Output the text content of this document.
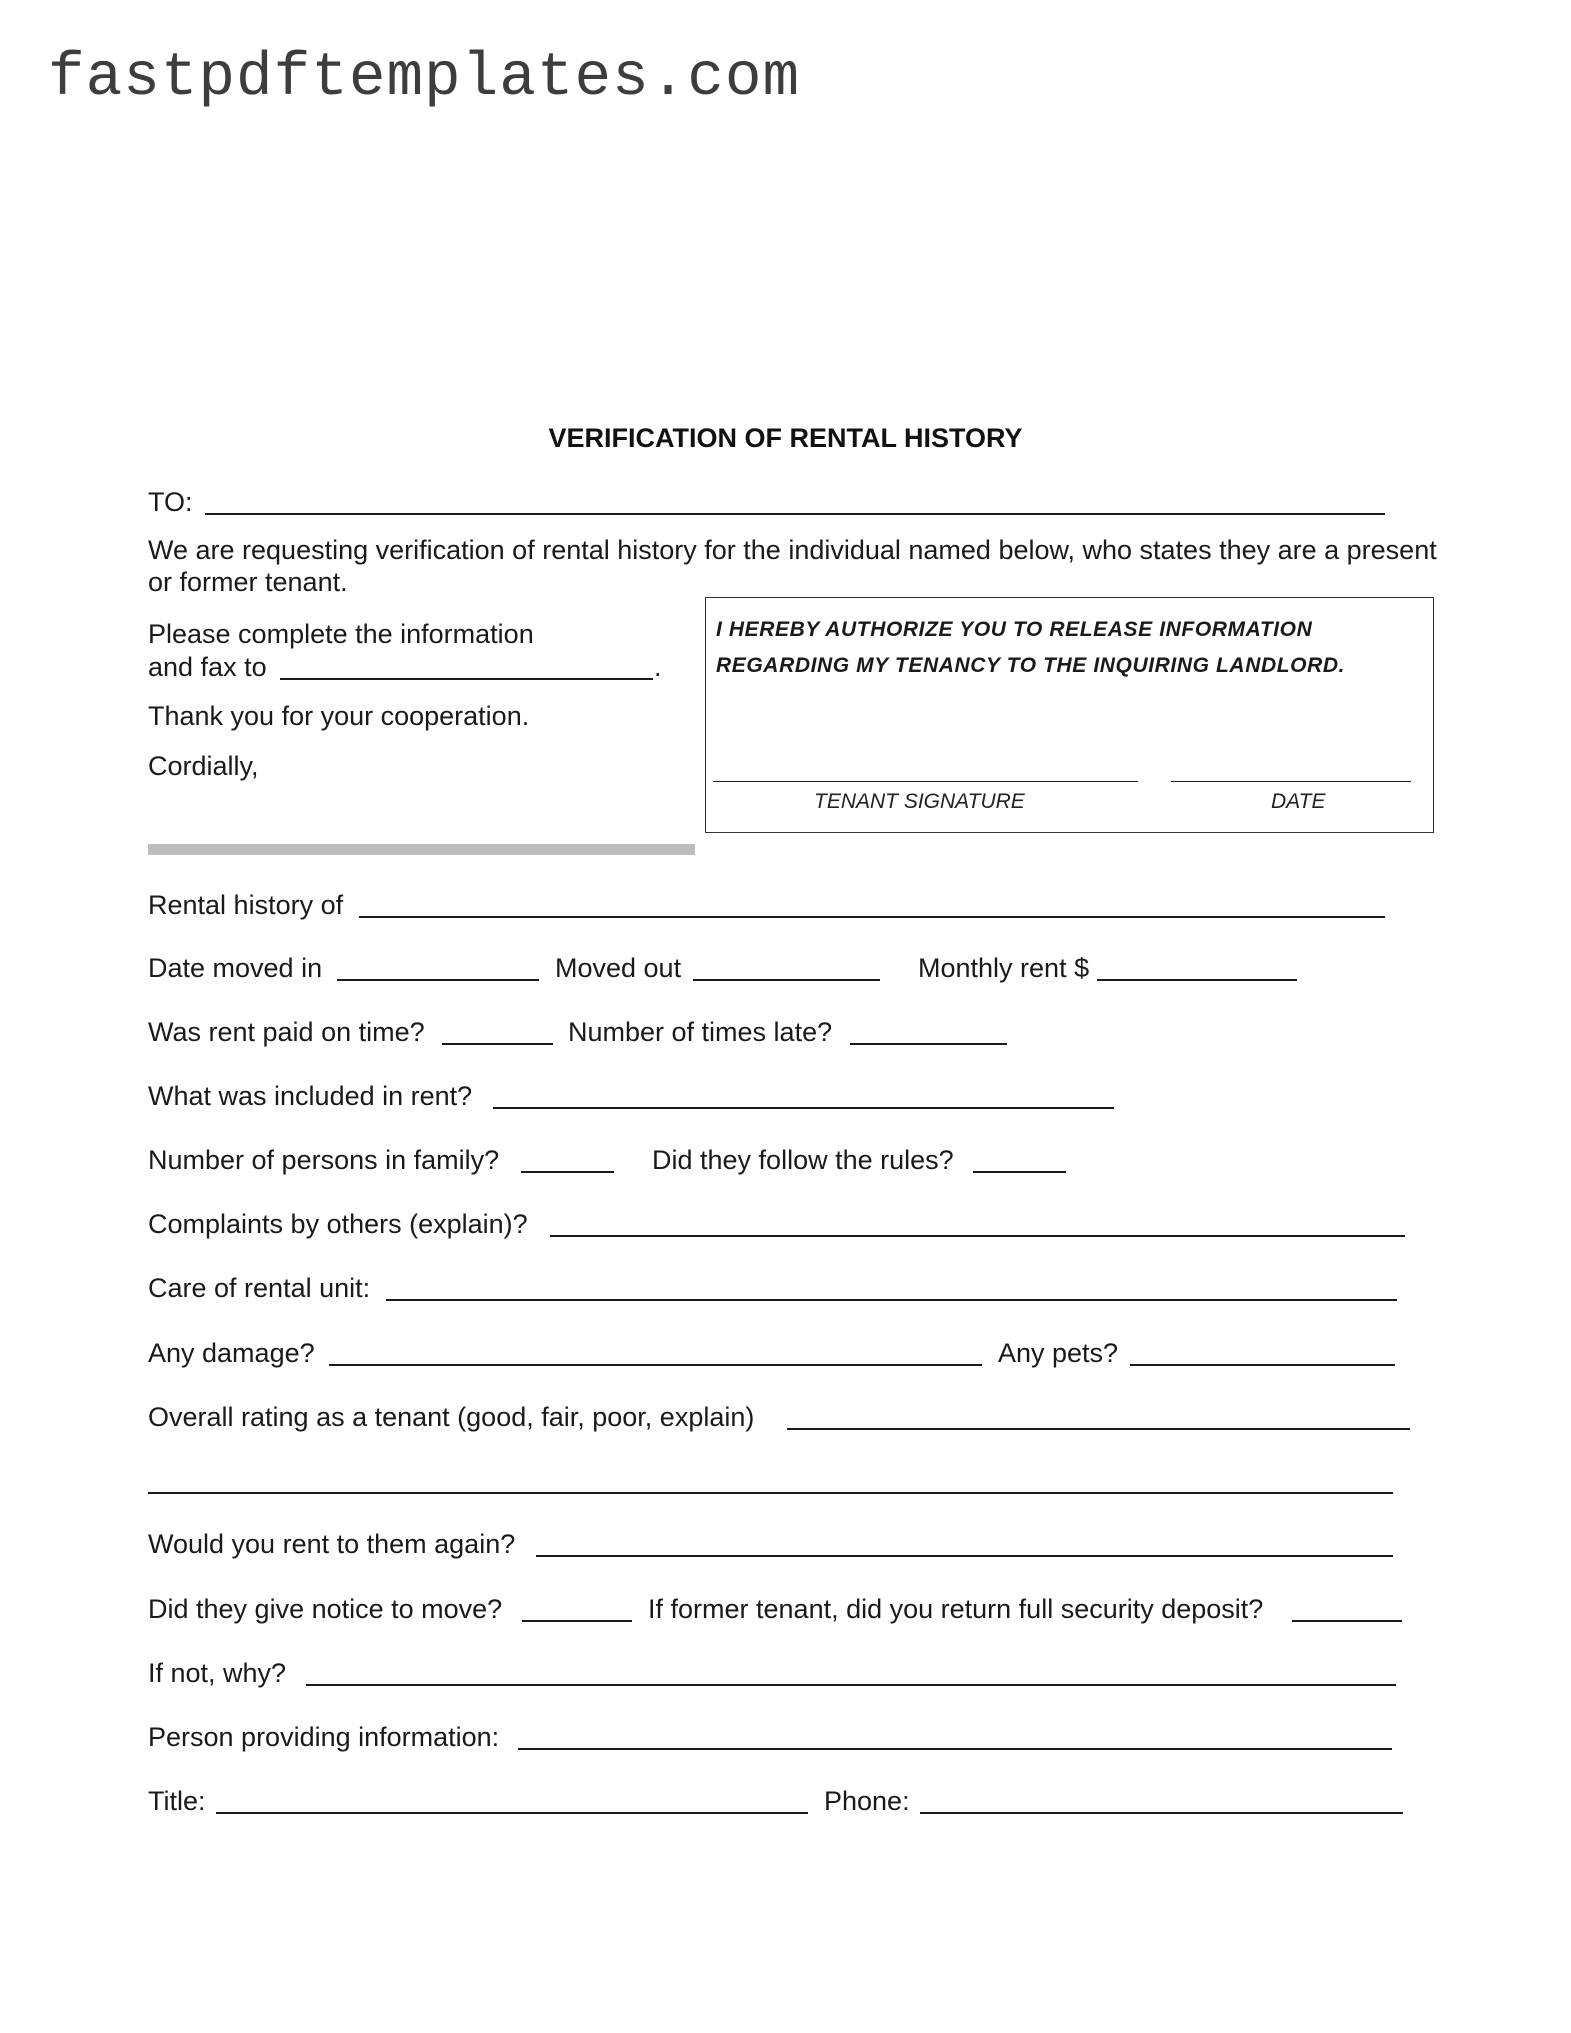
fastpdftemplates.com
VERIFICATION OF RENTAL HISTORY
TO:
We are requesting verification of rental history for the individual named below, who states they are a present or former tenant.
Please complete the information
and fax to	.
Thank you for your cooperation.
Cordially,
I HEREBY AUTHORIZE YOU TO RELEASE INFORMATION
REGARDING MY TENANCY TO THE INQUIRING LANDLORD.
TENANT SIGNATURE	DATE
Rental history of
Date moved in	Moved out	Monthly rent $
Was rent paid on time?	Number of times late?
What was included in rent?
Number of persons in family?	Did they follow the rules?
Complaints by others (explain)?
Care of rental unit:
Any damage?	Any pets?
Overall rating as a tenant (good, fair, poor, explain)
Would you rent to them again?
Did they give notice to move?	If former tenant, did you return full security deposit?
If not, why?
Person providing information:
Title:	Phone:
